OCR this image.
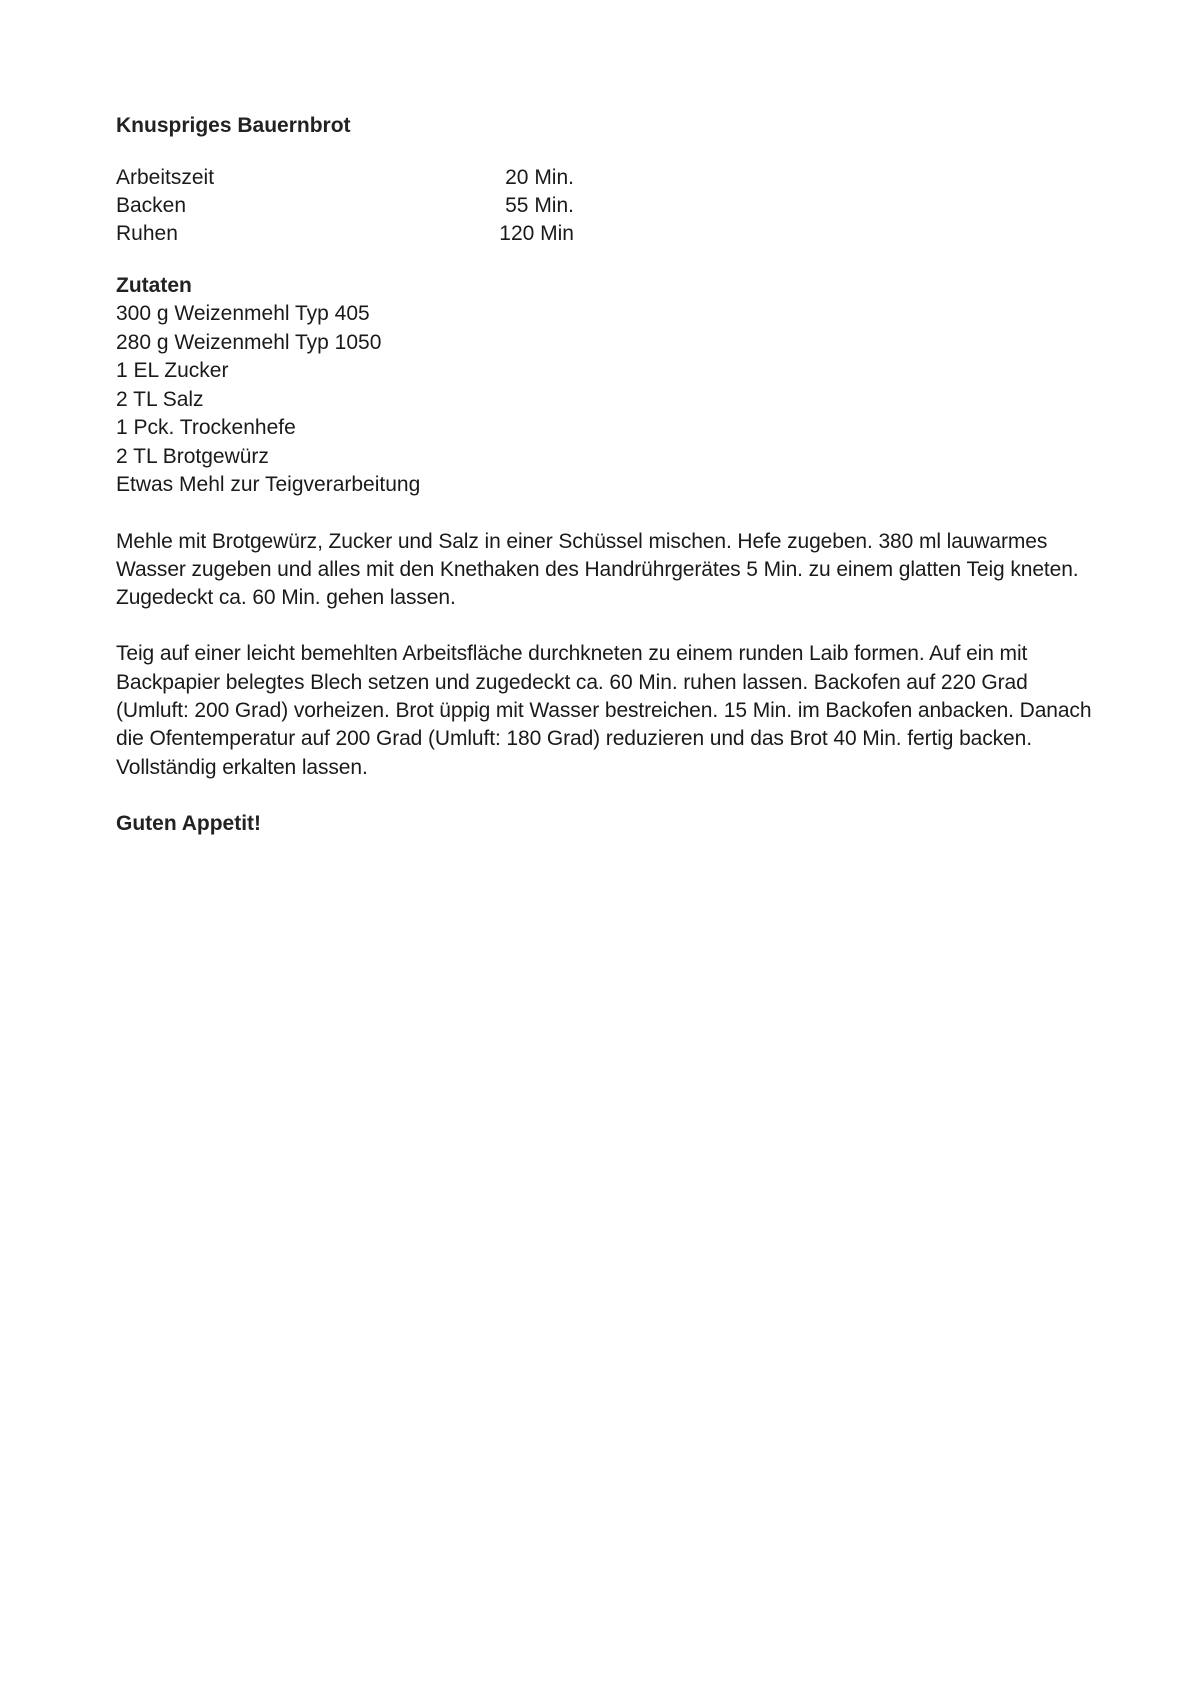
Knuspriges Bauernbrot
Arbeitszeit	20 Min.
Backen	55 Min.
Ruhen	120 Min
Zutaten
300 g Weizenmehl Typ 405
280 g Weizenmehl Typ 1050
1 EL Zucker
2 TL Salz
1 Pck. Trockenhefe
2 TL Brotgewürz
Etwas Mehl zur Teigverarbeitung

Mehle mit Brotgewürz, Zucker und Salz in einer Schüssel mischen. Hefe zugeben. 380 ml lauwarmes Wasser zugeben und alles mit den Knethaken des Handrührgerätes 5 Min. zu einem glatten Teig kneten. Zugedeckt ca. 60 Min. gehen lassen.

Teig auf einer leicht bemehlten Arbeitsfläche durchkneten zu einem runden Laib formen. Auf ein mit Backpapier belegtes Blech setzen und zugedeckt ca. 60 Min. ruhen lassen. Backofen auf 220 Grad (Umluft: 200 Grad) vorheizen. Brot üppig mit Wasser bestreichen. 15 Min. im Backofen anbacken. Danach die Ofentemperatur auf 200 Grad (Umluft: 180 Grad) reduzieren und das Brot 40 Min. fertig backen. Vollständig erkalten lassen.

Guten Appetit!
